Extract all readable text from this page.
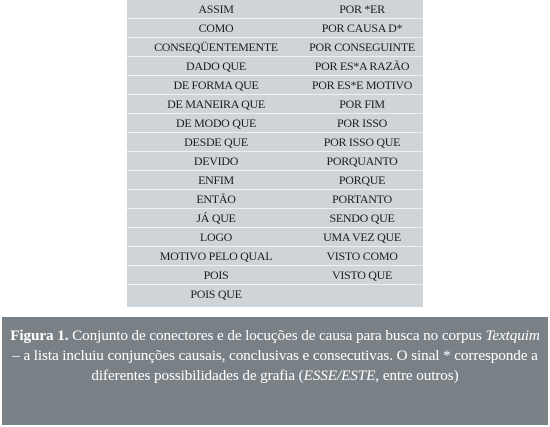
ASSIM	POR *ER
COMO	POR CAUSA D*
CONSEQÜENTEMENTE	POR CONSEGUINTE
DADO QUE	POR ES*A RAZÃO
DE FORMA QUE	POR ES*E MOTIVO
DE MANEIRA QUE	POR FIM
DE MODO QUE	POR ISSO
DESDE QUE	POR ISSO QUE
DEVIDO	PORQUANTO
ENFIM	PORQUE
ENTÃO	PORTANTO
JÁ QUE	SENDO QUE
LOGO	UMA VEZ QUE
MOTIVO PELO QUAL	VISTO COMO
POIS	VISTO QUE
POIS QUE
Figura 1. Conjunto de conectores e de locuções de causa para busca no corpus Textquim – a lista incluiu conjunções causais, conclusivas e consecutivas. O sinal * corresponde a diferentes possibilidades de grafia (ESSE/ESTE, entre outros)
